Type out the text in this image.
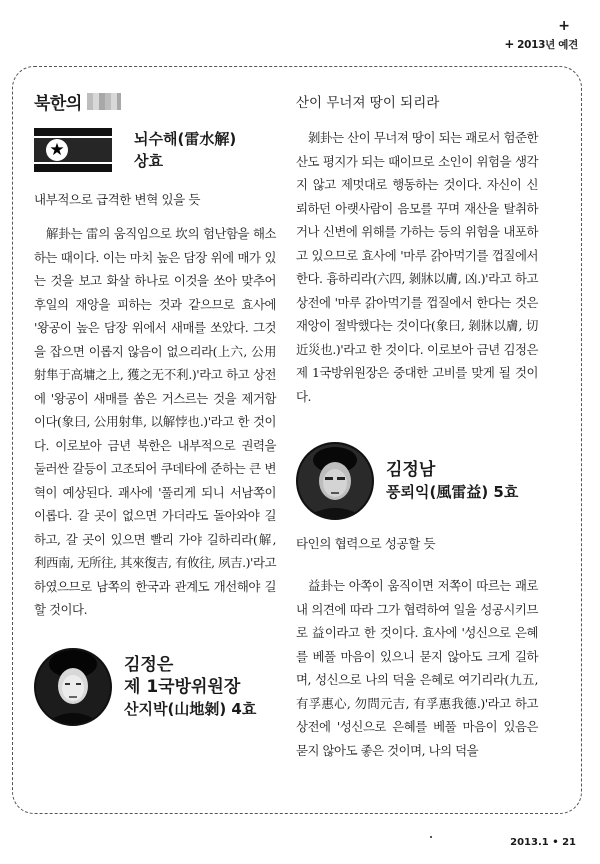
+
+ 2013년 예견
북한의
★
뇌수해(雷水解)
상효
내부적으로 급격한 변혁 있을 듯

解卦는 雷의 움직임으로 坎의 험난함을 해소하는 때이다. 이는 마치 높은 담장 위에 매가 있는 것을 보고 화살 하나로 이것을 쏘아 맞추어 후일의 재앙을 피하는 것과 같으므로 효사에 '왕공이 높은 담장 위에서 새매를 쏘았다. 그것을 잡으면 이롭지 않음이 없으리라(上六, 公用射隼于高墉之上, 獲之无不利.)'라고 하고 상전에 '왕공이 새매를 쏨은 거스르는 것을 제거함이다(象曰, 公用射隼, 以解悖也.)'라고 한 것이다. 이로보아 금년 북한은 내부적으로 권력을 둘러싼 갈등이 고조되어 쿠데타에 준하는 큰 변혁이 예상된다. 괘사에 '풀리게 되니 서남쪽이 이롭다. 갈 곳이 없으면 가더라도 돌아와야 길하고, 갈 곳이 있으면 빨리 가야 길하리라(解, 利西南, 无所往, 其來復吉, 有攸往, 夙吉.)'라고 하였으므로 남쪽의 한국과 관계도 개선해야 길할 것이다.

김정은
제 1국방위원장
산지박(山地剝) 4효
산이 무너져 땅이 되리라

剝卦는 산이 무너져 땅이 되는 괘로서 험준한 산도 평지가 되는 때이므로 소인이 위험을 생각지 않고 제멋대로 행동하는 것이다. 자신이 신뢰하던 아랫사람이 음모를 꾸며 재산을 탈취하거나 신변에 위해를 가하는 등의 위험을 내포하고 있으므로 효사에 '마루 갉아먹기를 껍질에서 한다. 흉하리라(六四, 剝牀以膚, 凶.)'라고 하고 상전에 '마루 갉아먹기를 껍질에서 한다는 것은 재앙이 절박했다는 것이다(象曰, 剝牀以膚, 切近災也.)'라고 한 것이다. 이로보아 금년 김정은 제 1국방위원장은 중대한 고비를 맞게 될 것이다.

김정남
풍뢰익(風雷益) 5효
타인의 협력으로 성공할 듯

益卦는 아쪽이 움직이면 저쪽이 따르는 괘로 내 의견에 따라 그가 협력하여 일을 성공시키므로 益이라고 한 것이다. 효사에 '성신으로 은혜를 베풀 마음이 있으니 묻지 않아도 크게 길하며, 성신으로 나의 덕을 은혜로 여기리라(九五, 有孚惠心, 勿問元吉, 有孚惠我德.)'라고 하고 상전에 '성신으로 은혜를 베풀 마음이 있음은 묻지 않아도 좋은 것이며, 나의 덕을

2013.1 • 21
